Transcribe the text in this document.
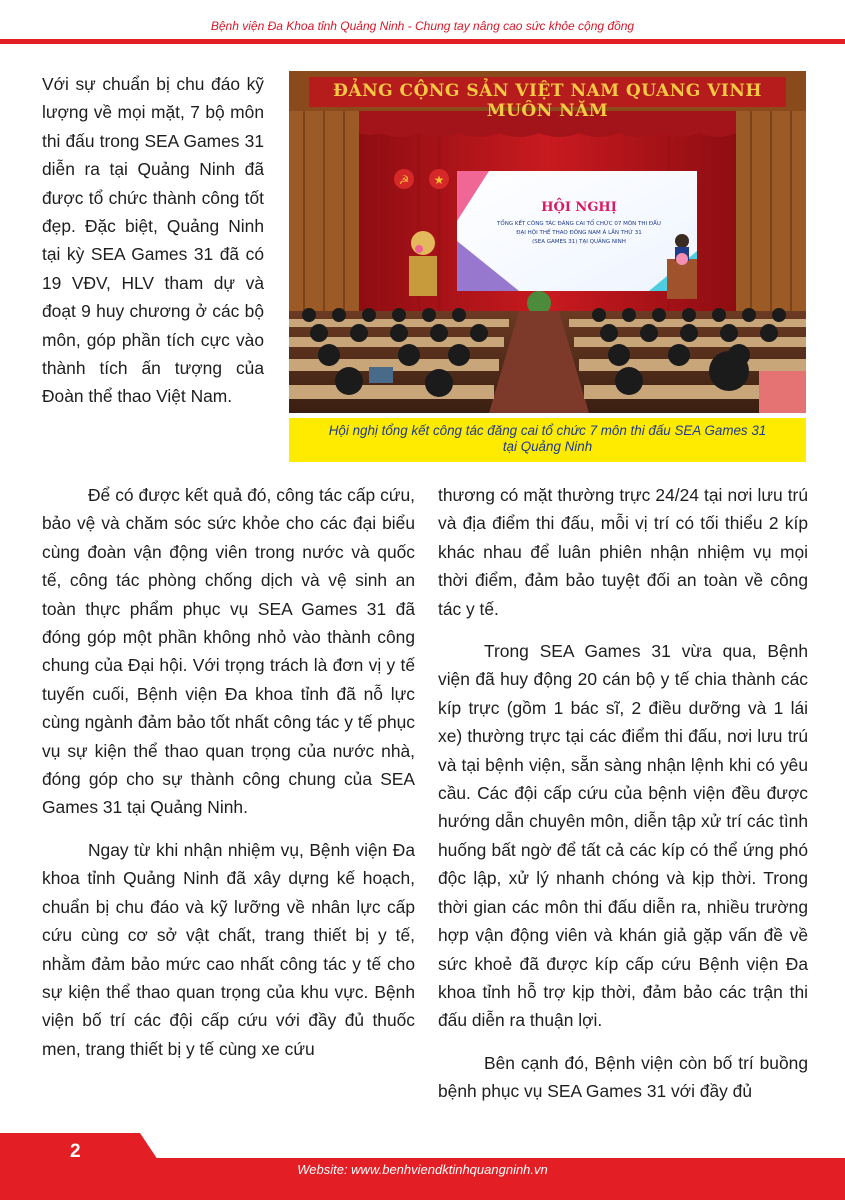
Bệnh viện Đa Khoa tỉnh Quảng Ninh - Chung tay nâng cao sức khỏe cộng đồng
Với sự chuẩn bị chu đáo kỹ lượng về mọi mặt, 7 bộ môn thi đấu trong SEA Games 31 diễn ra tại Quảng Ninh đã được tổ chức thành công tốt đẹp. Đặc biệt, Quảng Ninh tại kỳ SEA Games 31 đã có 19 VĐV, HLV tham dự và đoạt 9 huy chương ở các bộ môn, góp phần tích cực vào thành tích ấn tượng của Đoàn thể thao Việt Nam.
☭ ★
HỘI NGHỊ
TỔNG KẾT CÔNG TÁC ĐĂNG CAI TỔ CHỨC 07 MÔN THI ĐẤU
ĐẠI HỘI THỂ THAO ĐÔNG NAM Á LẦN THỨ 31
(SEA GAMES 31) TẠI QUẢNG NINH
ĐẢNG CỘNG SẢN VIỆT NAM QUANG VINH MUÔN NĂM
Hội nghị tổng kết công tác đăng cai tổ chức 7 môn thi đấu SEA Games 31
tại Quảng Ninh
Để có được kết quả đó, công tác cấp cứu, bảo vệ và chăm sóc sức khỏe cho các đại biểu cùng đoàn vận động viên trong nước và quốc tế, công tác phòng chống dịch và vệ sinh an toàn thực phẩm phục vụ SEA Games 31 đã đóng góp một phần không nhỏ vào thành công chung của Đại hội. Với trọng trách là đơn vị y tế tuyến cuối, Bệnh viện Đa khoa tỉnh đã nỗ lực cùng ngành đảm bảo tốt nhất công tác y tế phục vụ sự kiện thể thao quan trọng của nước nhà, đóng góp cho sự thành công chung của SEA Games 31 tại Quảng Ninh.
Ngay từ khi nhận nhiệm vụ, Bệnh viện Đa khoa tỉnh Quảng Ninh đã xây dựng kế hoạch, chuẩn bị chu đáo và kỹ lưỡng về nhân lực cấp cứu cùng cơ sở vật chất, trang thiết bị y tế, nhằm đảm bảo mức cao nhất công tác y tế cho sự kiện thể thao quan trọng của khu vực. Bệnh viện bố trí các đội cấp cứu với đầy đủ thuốc men, trang thiết bị y tế cùng xe cứu
thương có mặt thường trực 24/24 tại nơi lưu trú và địa điểm thi đấu, mỗi vị trí có tối thiểu 2 kíp khác nhau để luân phiên nhận nhiệm vụ mọi thời điểm, đảm bảo tuyệt đối an toàn về công tác y tế.
Trong SEA Games 31 vừa qua, Bệnh viện đã huy động 20 cán bộ y tế chia thành các kíp trực (gồm 1 bác sĩ, 2 điều dưỡng và 1 lái xe) thường trực tại các điểm thi đấu, nơi lưu trú và tại bệnh viện, sẵn sàng nhận lệnh khi có yêu cầu. Các đội cấp cứu của bệnh viện đều được hướng dẫn chuyên môn, diễn tập xử trí các tình huống bất ngờ để tất cả các kíp có thể ứng phó độc lập, xử lý nhanh chóng và kịp thời. Trong thời gian các môn thi đấu diễn ra, nhiều trường hợp vận động viên và khán giả gặp vấn đề về sức khoẻ đã được kíp cấp cứu Bệnh viện Đa khoa tỉnh hỗ trợ kịp thời, đảm bảo các trận thi đấu diễn ra thuận lợi.
Bên cạnh đó, Bệnh viện còn bố trí buồng bệnh phục vụ SEA Games 31 với đầy đủ
2
Website: www.benhviendktinhquangninh.vn
